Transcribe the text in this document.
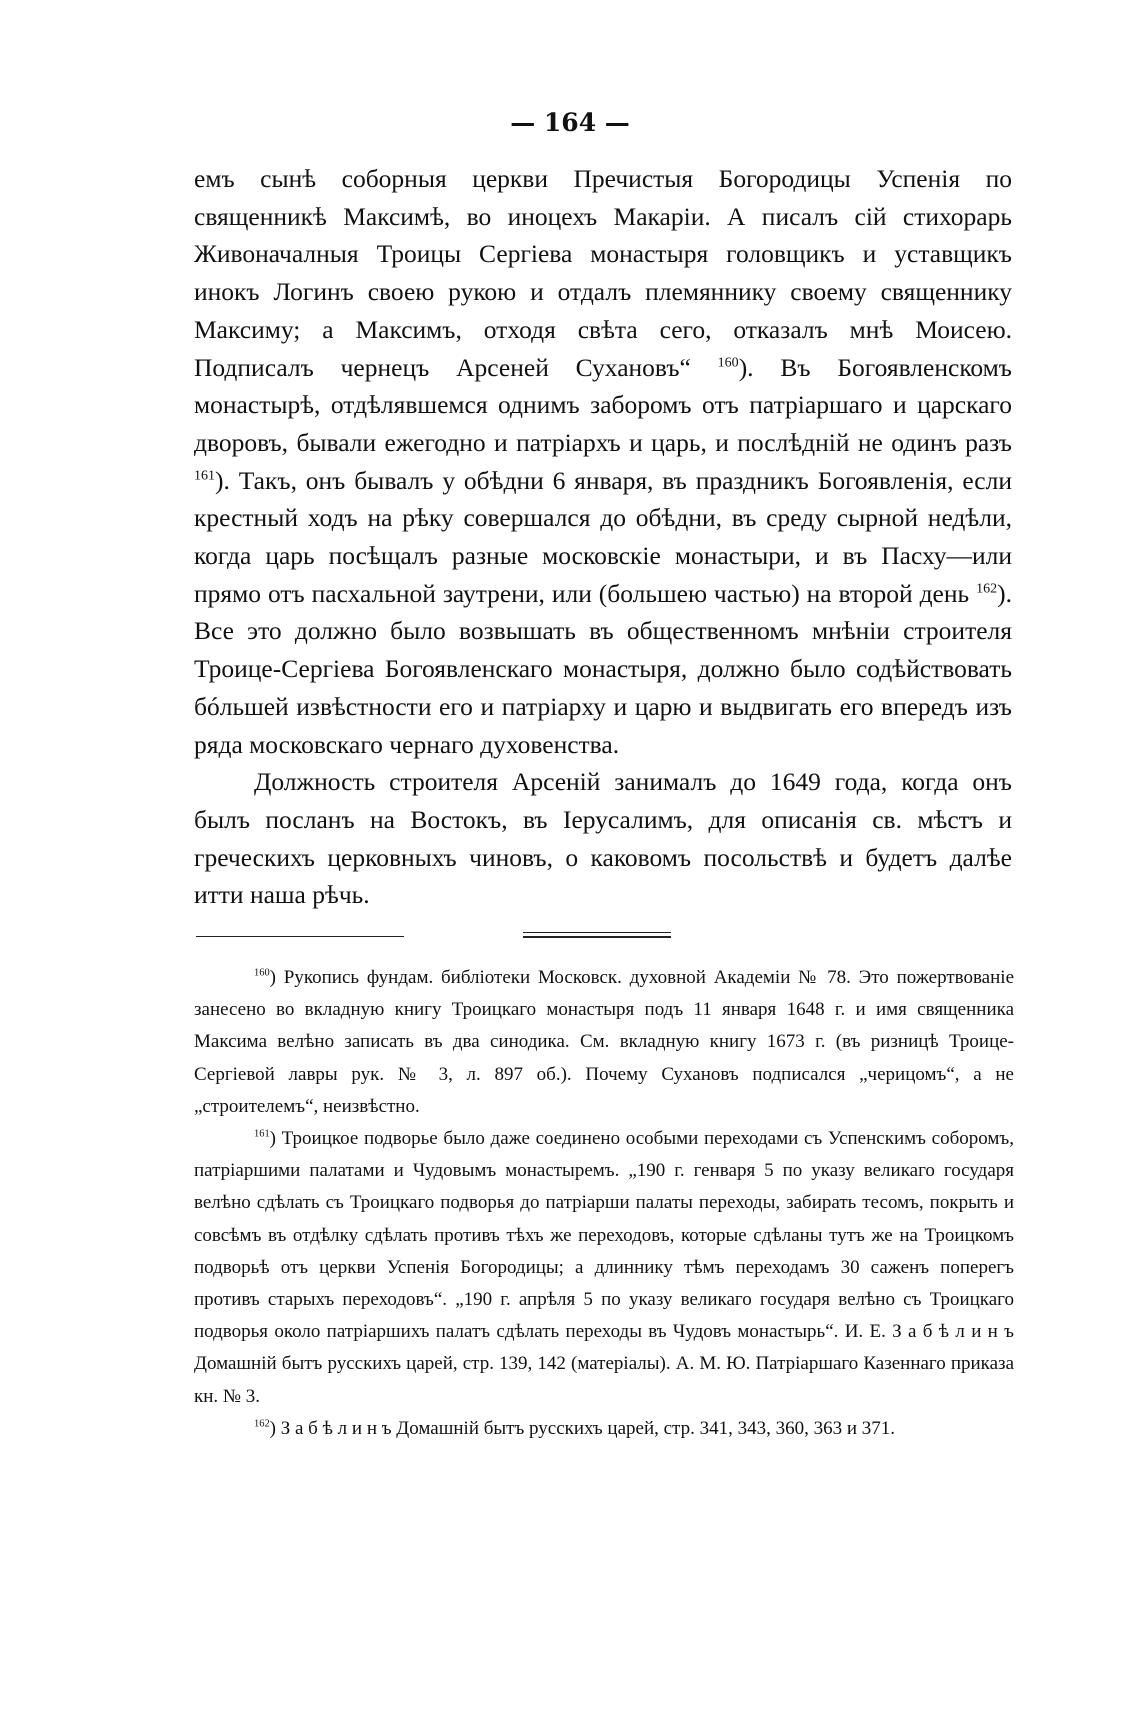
— 164 —

емъ сынѣ соборныя церкви Пречистыя Богородицы Успенія по священникѣ Максимѣ, во иноцехъ Макаріи. А писалъ сій стихорарь Живоначалныя Троицы Сергіева монастыря головщикъ и уставщикъ инокъ Логинъ своею рукою и отдалъ племяннику своему священнику Максиму; а Максимъ, отходя свѣта сего, отказалъ мнѣ Моисею. Подписалъ чернецъ Арсеней Сухановъ“ $^{160}$). Въ Богоявленскомъ монастырѣ, отдѣлявшемся однимъ заборомъ отъ патріаршаго и царскаго дворовъ, бывали ежегодно и патріархъ и царь, и послѣдній не одинъ разъ $^{161}$). Такъ, онъ бывалъ у обѣдни 6 января, въ праздникъ Богоявленія, если крестный ходъ на рѣку совершался до обѣдни, въ среду сырной недѣли, когда царь посѣщалъ разные московскіе монастыри, и въ Пасху—или прямо отъ пасхальной заутрени, или (большею частью) на второй день $^{162}$). Все это должно было возвышать въ общественномъ мнѣніи строителя Троице-Сергіева Богоявленскаго монастыря, должно было содѣйствовать бóльшей извѣстности его и патріарху и царю и выдвигать его впередъ изъ ряда московскаго чернаго духовенства.

Должность строителя Арсеній занималъ до 1649 года, когда онъ былъ посланъ на Востокъ, въ Іерусалимъ, для описанія св. мѣстъ и греческихъ церковныхъ чиновъ, о каковомъ посольствѣ и будетъ далѣе итти наша рѣчь.

$^{160}$) Рукопись фундам. библіотеки Московск. духовной Академіи № 78. Это пожертвованіе занесено во вкладную книгу Троицкаго монастыря подъ 11 января 1648 г. и имя священника Максима велѣно записать въ два синодика. См. вкладную книгу 1673 г. (въ ризницѣ Троице-Сергіевой лавры рук. № 3, л. 897 об.). Почему Сухановъ подписался „черицомъ“, а не „строителемъ“, неизвѣстно.

$^{161}$) Троицкое подворье было даже соединено особыми переходами съ Успенскимъ соборомъ, патріаршими палатами и Чудовымъ монастыремъ. „190 г. генваря 5 по указу великаго государя велѣно сдѣлать съ Троицкаго подворья до патріарши палаты переходы, забирать тесомъ, покрыть и совсѣмъ въ отдѣлку сдѣлать противъ тѣхъ же переходовъ, которые сдѣланы тутъ же на Троицкомъ подворьѣ отъ церкви Успенія Богородицы; а длиннику тѣмъ переходамъ 30 саженъ поперегъ противъ старыхъ переходовъ“. „190 г. апрѣля 5 по указу великаго государя велѣно съ Троицкаго подворья около патріаршихъ палатъ сдѣлать переходы въ Чудовъ монастырь“. И. Е. З а б ѣ л и н ъ Домашній бытъ русскихъ царей, стр. 139, 142 (матеріалы). А. М. Ю. Патріаршаго Казеннаго приказа кн. № 3.

$^{162}$) З а б ѣ л и н ъ Домашній бытъ русскихъ царей, стр. 341, 343, 360, 363 и 371.
